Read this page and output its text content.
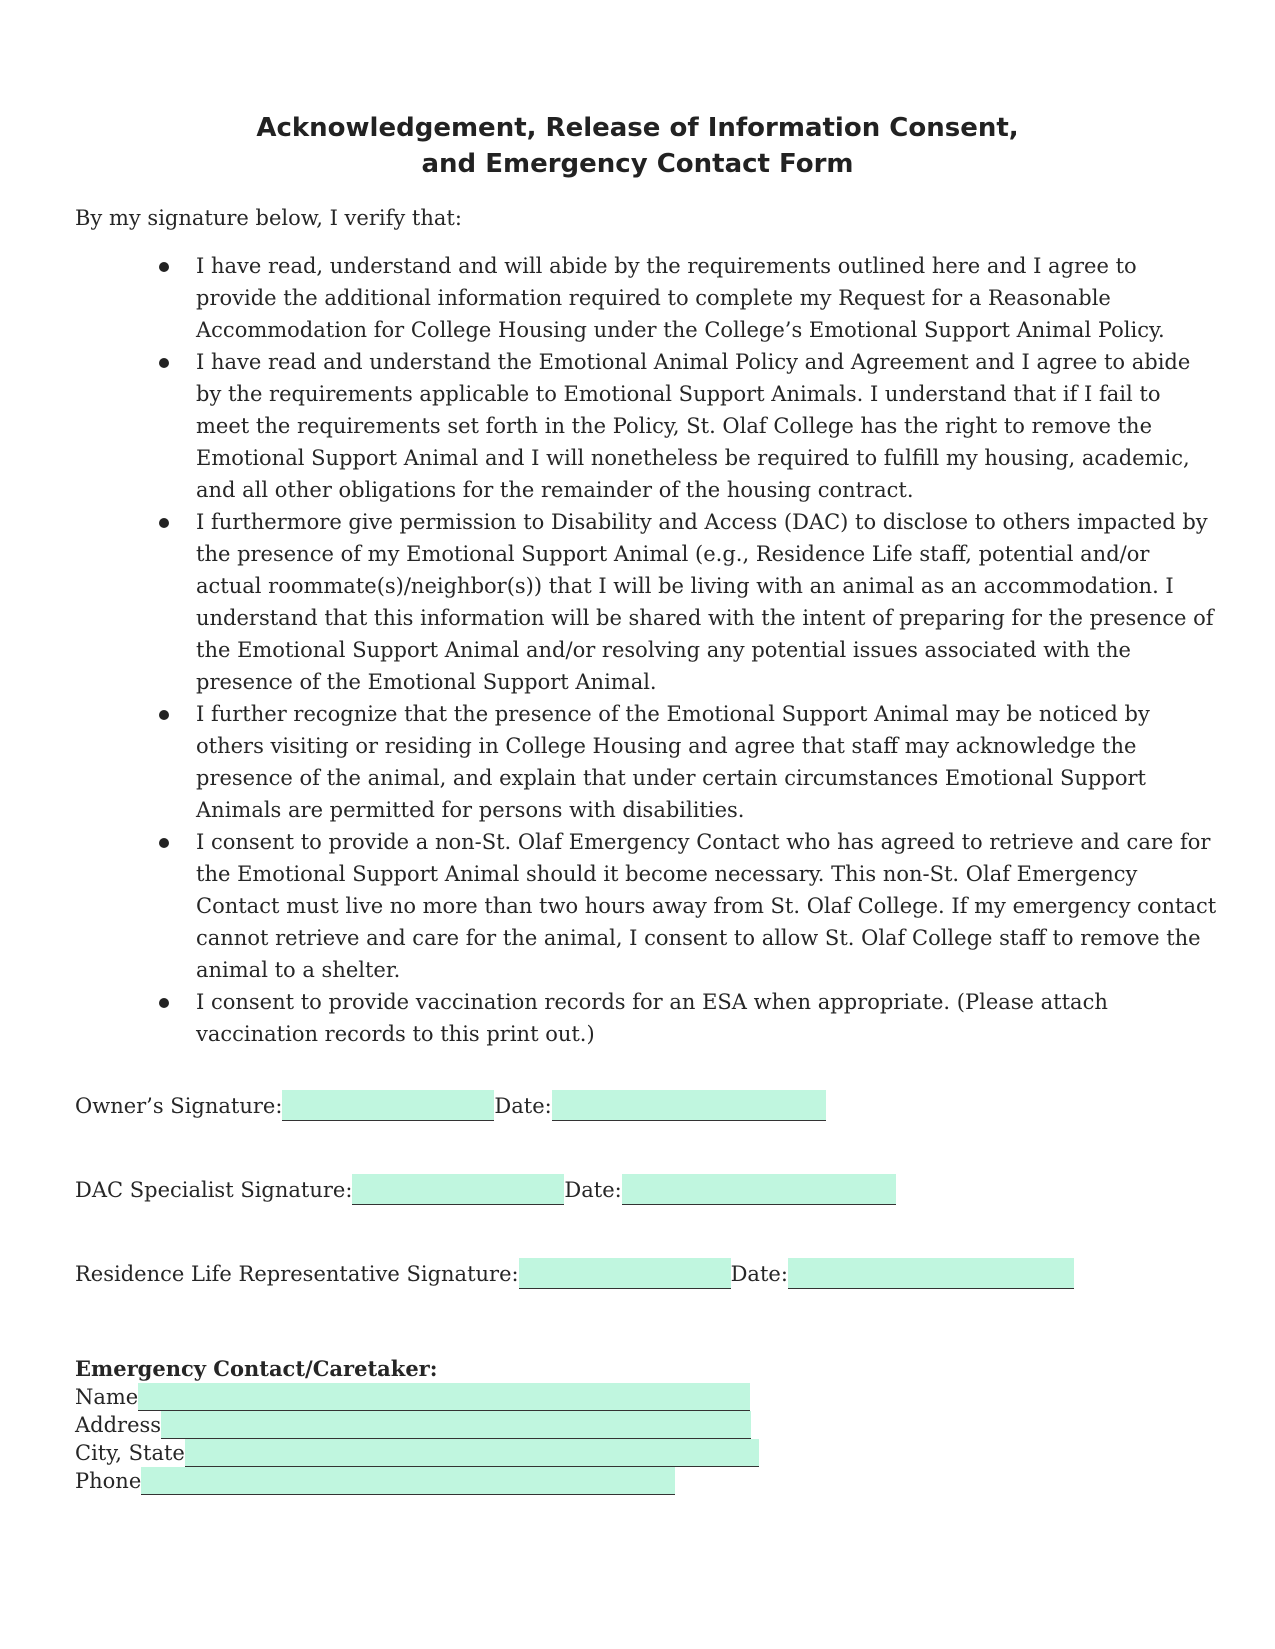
Acknowledgement, Release of Information Consent,
and Emergency Contact Form
By my signature below, I verify that:
I have read, understand and will abide by the requirements outlined here and I agree to provide the additional information required to complete my Request for a Reasonable Accommodation for College Housing under the College’s Emotional Support Animal Policy.
I have read and understand the Emotional Animal Policy and Agreement and I agree to abide by the requirements applicable to Emotional Support Animals. I understand that if I fail to meet the requirements set forth in the Policy, St. Olaf College has the right to remove the Emotional Support Animal and I will nonetheless be required to fulfill my housing, academic, and all other obligations for the remainder of the housing contract.
I furthermore give permission to Disability and Access (DAC) to disclose to others impacted by the presence of my Emotional Support Animal (e.g., Residence Life staff, potential and/or actual roommate(s)/neighbor(s)) that I will be living with an animal as an accommodation. I understand that this information will be shared with the intent of preparing for the presence of the Emotional Support Animal and/or resolving any potential issues associated with the presence of the Emotional Support Animal.
I further recognize that the presence of the Emotional Support Animal may be noticed by others visiting or residing in College Housing and agree that staff may acknowledge the presence of the animal, and explain that under certain circumstances Emotional Support Animals are permitted for persons with disabilities.
I consent to provide a non-St. Olaf Emergency Contact who has agreed to retrieve and care for the Emotional Support Animal should it become necessary. This non-St. Olaf Emergency Contact must live no more than two hours away from St. Olaf College. If my emergency contact cannot retrieve and care for the animal, I consent to allow St. Olaf College staff to remove the animal to a shelter.
I consent to provide vaccination records for an ESA when appropriate. (Please attach vaccination records to this print out.)
Owner’s Signature:	Date:
DAC Specialist Signature:	Date:
Residence Life Representative Signature:	Date:
Emergency Contact/Caretaker:
Name
Address
City, State
Phone
